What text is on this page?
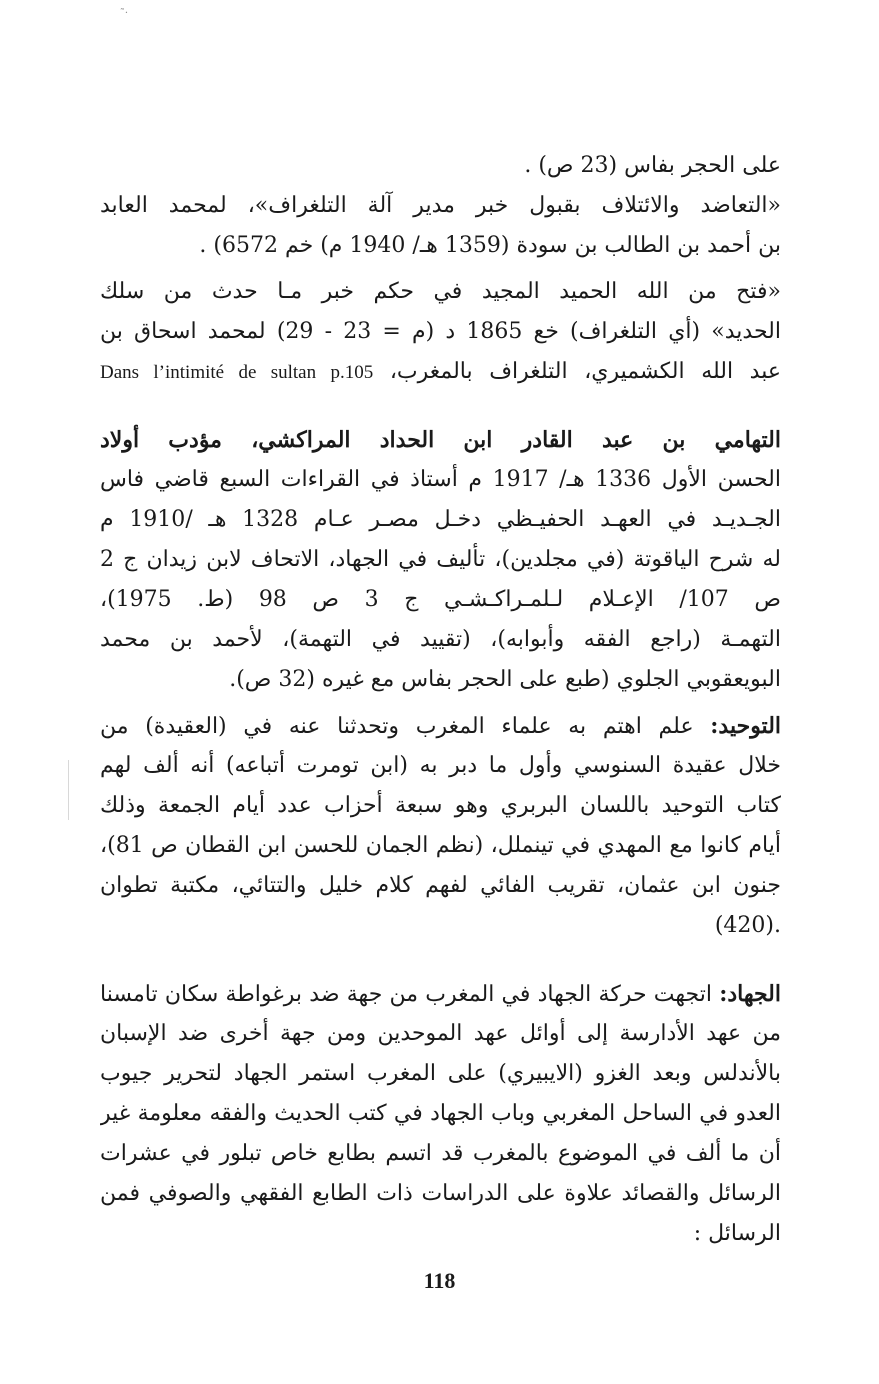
·˜
على الحجر بفاس (23 ص) .
«التعاضد والائتلاف بقبول خبر مدير آلة التلغراف»، لمحمد العابد
بن أحمد بن الطالب بن سودة (1359 هـ/ 1940 م) خم 6572) .
«فتح من الله الحميد المجيد في حكم خبر مـا حدث من سلك
الحديد» (أي التلغراف) خع 1865 د (م = 23 - 29) لمحمد اسحاق بن
عبد الله الكشميري، التلغراف بالمغرب، Dans l’intimité de sultan p.105
التهامي بن عبد القادر ابن الحداد المراكشي، مؤدب أولاد
الحسن الأول 1336 هـ/ 1917 م أستاذ في القراءات السبع قاضي فاس
الجـديـد في العهـد الحفيـظي دخـل مصـر عـام 1328 هـ /1910 م
له شرح الياقوتة (في مجلدين)، تأليف في الجهاد، الاتحاف لابن زيدان ج 2
ص 107/ الإعـلام لـلمـراكـشـي ج 3 ص 98 (ط. 1975)،
التهمـة (راجع الفقه وأبوابه)، (تقييد في التهمة)، لأحمد بن محمد
البويعقوبي الجلوي (طبع على الحجر بفاس مع غيره (32 ص).
التوحيد: علم اهتم به علماء المغرب وتحدثنا عنه في (العقيدة) من
خلال عقيدة السنوسي وأول ما دبر به (ابن تومرت أتباعه) أنه ألف لهم
كتاب التوحيد باللسان البربري وهو سبعة أحزاب عدد أيام الجمعة وذلك
أيام كانوا مع المهدي في تينملل، (نظم الجمان للحسن ابن القطان ص 81)،
جنون ابن عثمان، تقريب الفائي لفهم كلام خليل والتتائي، مكتبة تطوان
.(420)
الجهاد: اتجهت حركة الجهاد في المغرب من جهة ضد برغواطة سكان تامسنا
من عهد الأدارسة إلى أوائل عهد الموحدين ومن جهة أخرى ضد الإسبان
بالأندلس وبعد الغزو (الايبيري) على المغرب استمر الجهاد لتحرير جيوب
العدو في الساحل المغربي وباب الجهاد في كتب الحديث والفقه معلومة غير
أن ما ألف في الموضوع بالمغرب قد اتسم بطابع خاص تبلور في عشرات
الرسائل والقصائد علاوة على الدراسات ذات الطابع الفقهي والصوفي فمن
الرسائل :
118
